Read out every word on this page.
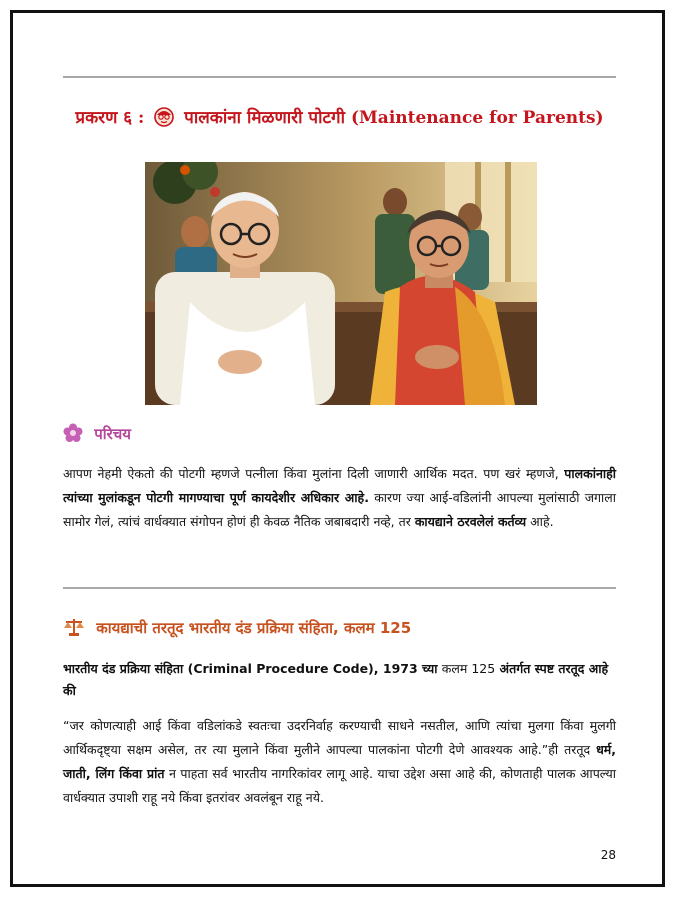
प्रकरण ६ : पालकांना मिळणारी पोटगी (Maintenance for Parents)
परिचय
आपण नेहमी ऐकतो की पोटगी म्हणजे पत्नीला किंवा मुलांना दिली जाणारी आर्थिक मदत. पण खरं म्हणजे, पालकांनाही त्यांच्या मुलांकडून पोटगी मागण्याचा पूर्ण कायदेशीर अधिकार आहे. कारण ज्या आई-वडिलांनी आपल्या मुलांसाठी जगाला सामोर गेलं, त्यांचं वार्धक्यात संगोपन होणं ही केवळ नैतिक जबाबदारी नव्हे, तर कायद्याने ठरवलेलं कर्तव्य आहे.
कायद्याची तरतूद भारतीय दंड प्रक्रिया संहिता, कलम 125
भारतीय दंड प्रक्रिया संहिता (Criminal Procedure Code), 1973 च्या कलम 125 अंतर्गत स्पष्ट तरतूद आहे की
“जर कोणत्याही आई किंवा वडिलांकडे स्वतःचा उदरनिर्वाह करण्याची साधने नसतील, आणि त्यांचा मुलगा किंवा मुलगी आर्थिकदृष्ट्या सक्षम असेल, तर त्या मुलाने किंवा मुलीने आपल्या पालकांना पोटगी देणे आवश्यक आहे.”ही तरतूद धर्म, जाती, लिंग किंवा प्रांत न पाहता सर्व भारतीय नागरिकांवर लागू आहे. याचा उद्देश असा आहे की, कोणताही पालक आपल्या वार्धक्यात उपाशी राहू नये किंवा इतरांवर अवलंबून राहू नये.
28
